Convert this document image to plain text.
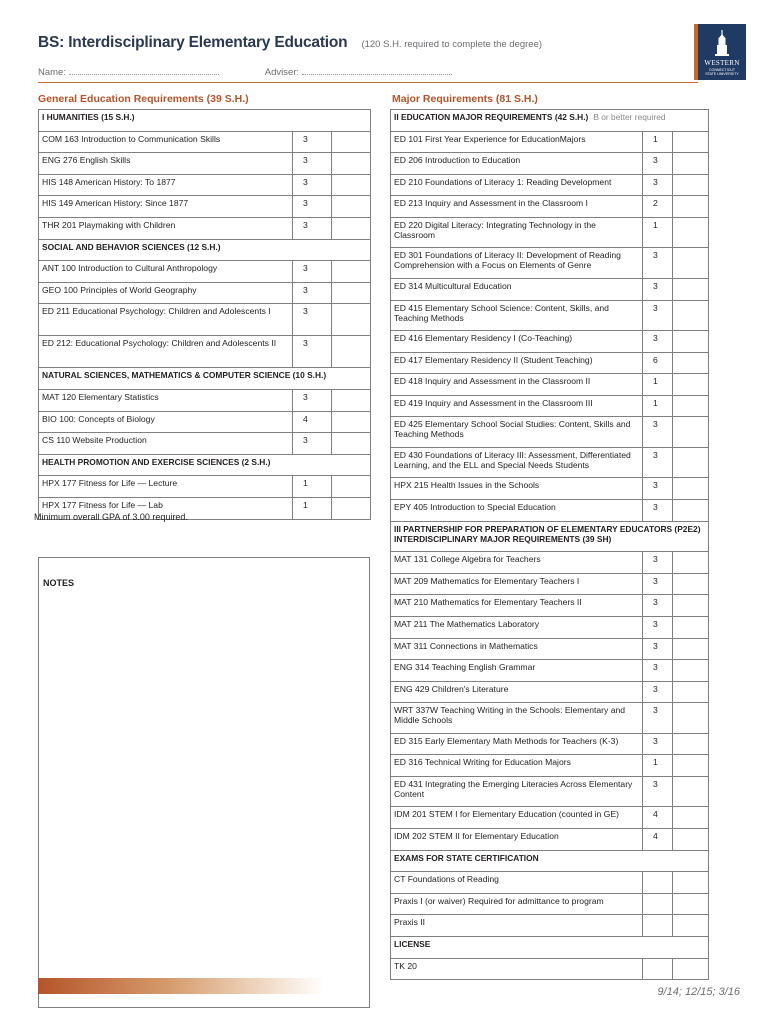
BS: Interdisciplinary Elementary Education (120 S.H. required to complete the degree)
Name:	Adviser:
WESTERN
CONNECTICUT
STATE UNIVERSITY
General Education Requirements (39 S.H.)
I HUMANITIES (15 S.H.)		
COM 163 Introduction to Communication Skills	3	
ENG 276 English Skills	3	
HIS 148 American History: To 1877	3	
HIS 149 American History: Since 1877	3	
THR 201 Playmaking with Children	3	
SOCIAL AND BEHAVIOR SCIENCES (12 S.H.)		
ANT 100 Introduction to Cultural Anthropology	3	
GEO 100 Principles of World Geography	3	
ED 211 Educational Psychology: Children and Adolescents I	3	
ED 212: Educational Psychology: Children and Adolescents II	3	
NATURAL SCIENCES, MATHEMATICS & COMPUTER SCIENCE (10 S.H.)		
MAT 120 Elementary Statistics	3	
BIO 100: Concepts of Biology	4	
CS 110 Website Production	3	
HEALTH PROMOTION AND EXERCISE SCIENCES (2 S.H.)		
HPX 177 Fitness for Life — Lecture	1	
HPX 177 Fitness for Life — Lab	1	
Minimum overall GPA of 3.00 required.
NOTES
Major Requirements (81 S.H.)
II EDUCATION MAJOR REQUIREMENTS (42 S.H.) B or better required		
ED 101 First Year Experience for EducationMajors	1	
ED 206 Introduction to Education	3	
ED 210 Foundations of Literacy 1: Reading Development	3	
ED 213 Inquiry and Assessment in the Classroom I	2	
ED 220 Digital Literacy: Integrating Technology in the Classroom	1	
ED 301 Foundations of Literacy II: Development of Reading Comprehension with a Focus on Elements of Genre	3	
ED 314 Multicultural Education	3	
ED 415 Elementary School Science: Content, Skills, and Teaching Methods	3	
ED 416 Elementary Residency I (Co-Teaching)	3	
ED 417 Elementary Residency II (Student Teaching)	6	
ED 418 Inquiry and Assessment in the Classroom II	1	
ED 419 Inquiry and Assessment in the Classroom III	1	
ED 425 Elementary School Social Studies: Content, Skills and Teaching Methods	3	
ED 430 Foundations of Literacy III: Assessment, Differentiated Learning, and the ELL and Special Needs Students	3	
HPX 215 Health Issues in the Schools	3	
EPY 405 Introduction to Special Education	3	
III PARTNERSHIP FOR PREPARATION OF ELEMENTARY EDUCATORS (P2E2) INTERDISCIPLINARY MAJOR REQUIREMENTS (39 SH)		
MAT 131 College Algebra for Teachers	3	
MAT 209 Mathematics for Elementary Teachers I	3	
MAT 210 Mathematics for Elementary Teachers II	3	
MAT 211 The Mathematics Laboratory	3	
MAT 311 Connections in Mathematics	3	
ENG 314 Teaching English Grammar	3	
ENG 429 Children's Literature	3	
WRT 337W Teaching Writing in the Schools: Elementary and Middle Schools	3	
ED 315 Early Elementary Math Methods for Teachers (K-3)	3	
ED 316 Technical Writing for Education Majors	1	
ED 431 Integrating the Emerging Literacies Across Elementary Content	3	
IDM 201 STEM I for Elementary Education (counted in GE)	4	
IDM 202 STEM II for Elementary Education	4	
EXAMS FOR STATE CERTIFICATION		
CT Foundations of Reading		
Praxis I (or waiver) Required for admittance to program		
Praxis II		
LICENSE		
TK 20		
9/14; 12/15; 3/16
